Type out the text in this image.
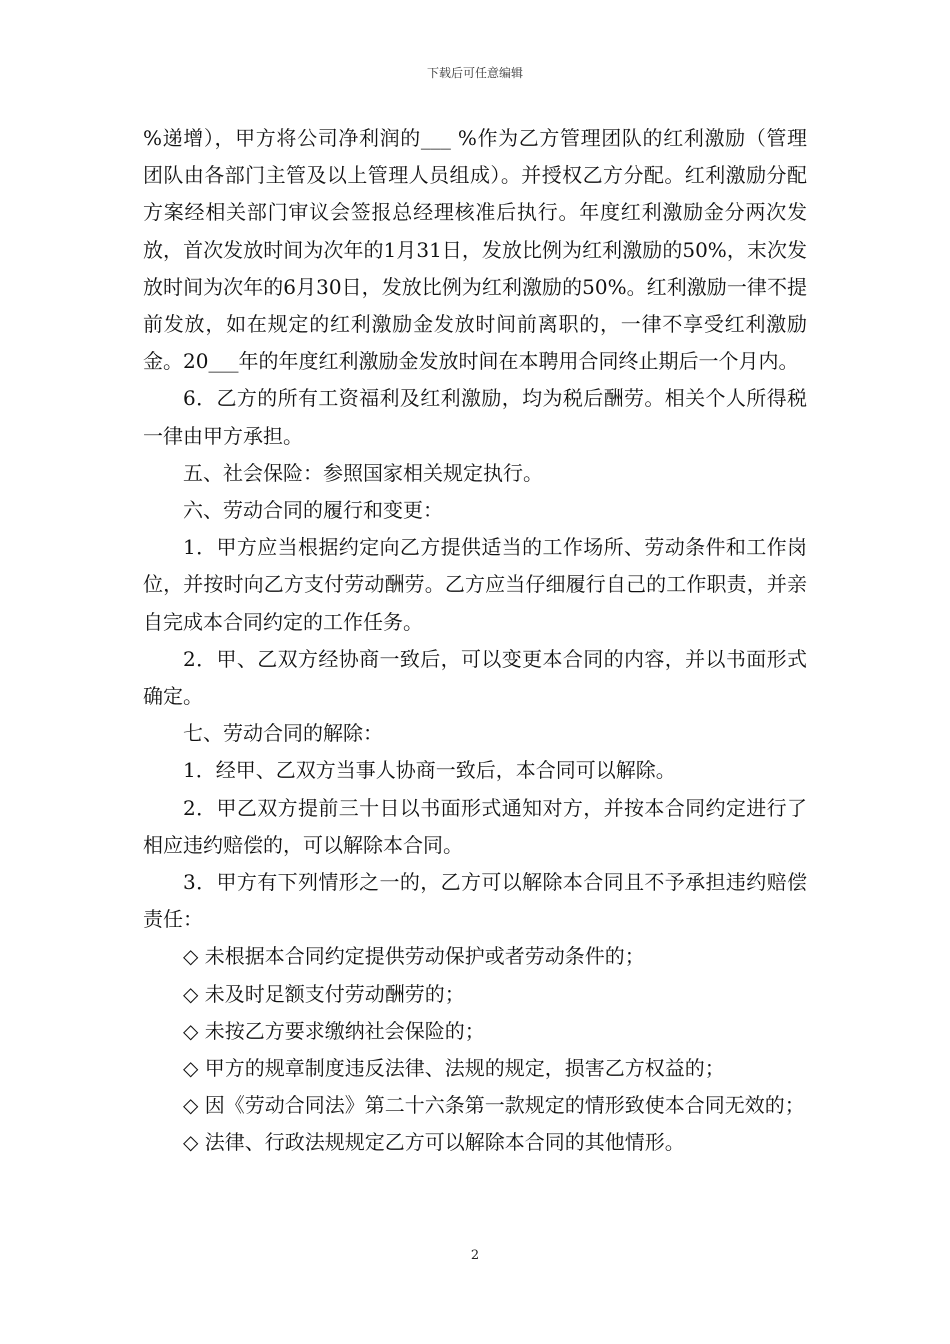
下载后可任意编辑

%递增），甲方将公司净利润的___ %作为乙方管理团队的红利激励（管理团队由各部门主管及以上管理人员组成）。并授权乙方分配。红利激励分配方案经相关部门审议会签报总经理核准后执行。年度红利激励金分两次发放，首次发放时间为次年的1月31日，发放比例为红利激励的50%，末次发放时间为次年的6月30日，发放比例为红利激励的50%。红利激励一律不提前发放，如在规定的红利激励金发放时间前离职的，一律不享受红利激励金。20___年的年度红利激励金发放时间在本聘用合同终止期后一个月内。

6．乙方的所有工资福利及红利激励，均为税后酬劳。相关个人所得税一律由甲方承担。

五、社会保险：参照国家相关规定执行。

六、劳动合同的履行和变更：

1．甲方应当根据约定向乙方提供适当的工作场所、劳动条件和工作岗位，并按时向乙方支付劳动酬劳。乙方应当仔细履行自己的工作职责，并亲自完成本合同约定的工作任务。

2．甲、乙双方经协商一致后，可以变更本合同的内容，并以书面形式确定。

七、劳动合同的解除：

1．经甲、乙双方当事人协商一致后，本合同可以解除。

2．甲乙双方提前三十日以书面形式通知对方，并按本合同约定进行了相应违约赔偿的，可以解除本合同。

3．甲方有下列情形之一的，乙方可以解除本合同且不予承担违约赔偿责任：

◇ 未根据本合同约定提供劳动保护或者劳动条件的；

◇ 未及时足额支付劳动酬劳的；

◇ 未按乙方要求缴纳社会保险的；

◇ 甲方的规章制度违反法律、法规的规定，损害乙方权益的；

◇ 因《劳动合同法》第二十六条第一款规定的情形致使本合同无效的；

◇ 法律、行政法规规定乙方可以解除本合同的其他情形。

2
